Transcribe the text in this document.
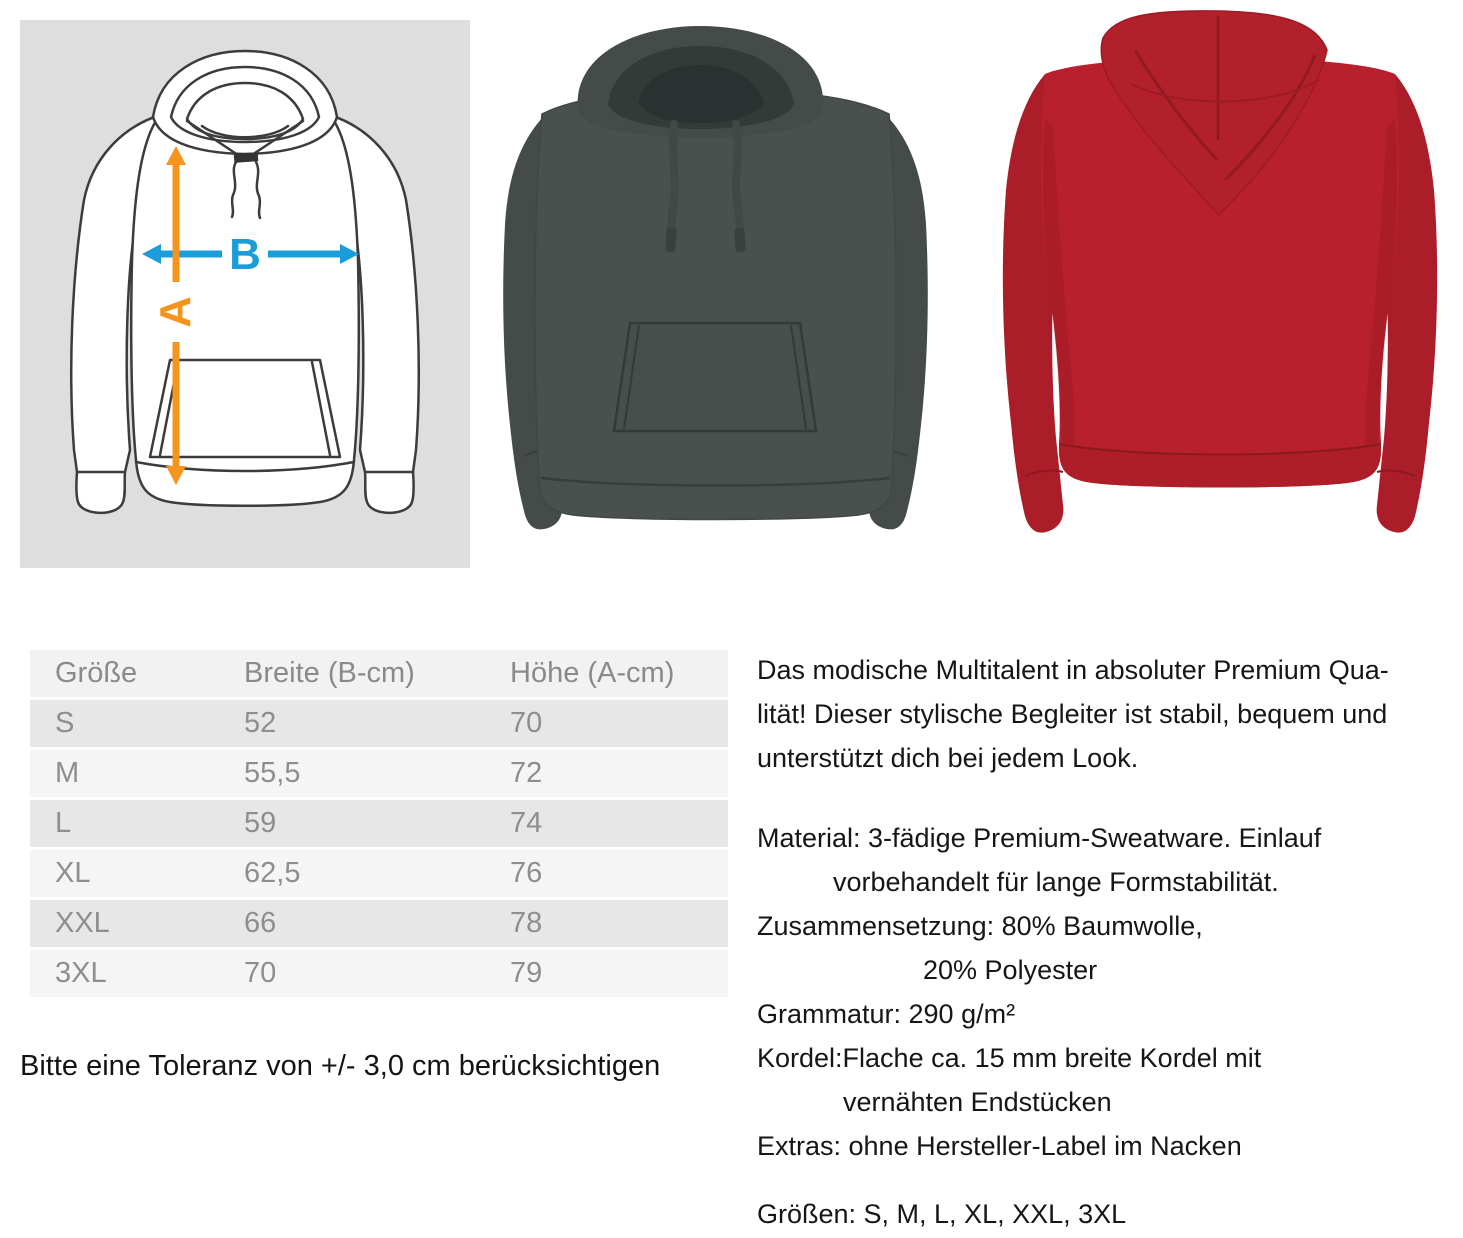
B
A
Größe	Breite (B-cm)	Höhe (A-cm)
S	52	70
M	55,5	72
L	59	74
XL	62,5	76
XXL	66	78
3XL	70	79
Bitte eine Toleranz von +/- 3,0 cm berücksichtigen
Das modische Multitalent in absoluter Premium Qua-
lität! Dieser stylische Begleiter ist stabil, bequem und
unterstützt dich bei jedem Look.
Material: 3-fädige Premium-Sweatware. Einlauf
vorbehandelt für lange Formstabilität.
Zusammensetzung: 80% Baumwolle,
20% Polyester
Grammatur: 290 g/m²
Kordel:Flache ca. 15 mm breite Kordel mit
vernähten Endstücken
Extras: ohne Hersteller-Label im Nacken
Größen: S, M, L, XL, XXL, 3XL
